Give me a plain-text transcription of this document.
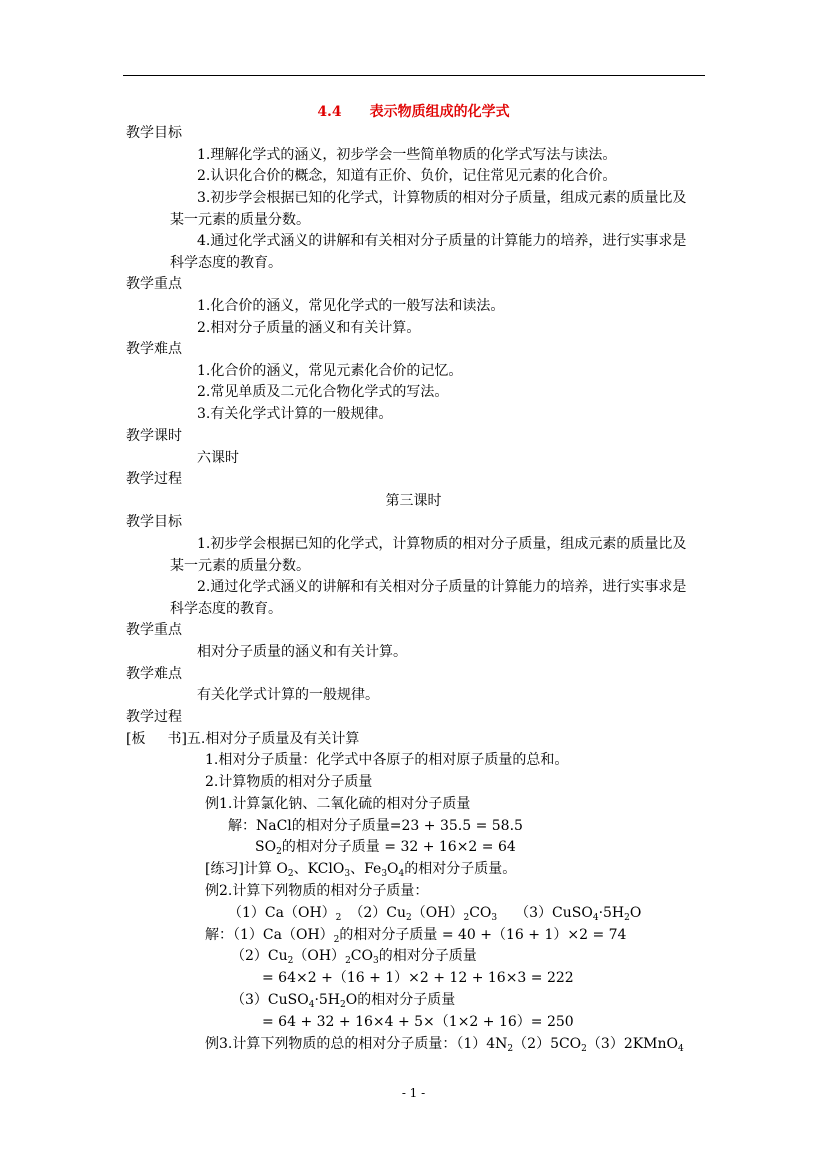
4.4 表示物质组成的化学式
教学目标
1.理解化学式的涵义，初步学会一些简单物质的化学式写法与读法。
2.认识化合价的概念，知道有正价、负价，记住常见元素的化合价。
3.初步学会根据已知的化学式，计算物质的相对分子质量，组成元素的质量比及
某一元素的质量分数。
4.通过化学式涵义的讲解和有关相对分子质量的计算能力的培养，进行实事求是
科学态度的教育。
教学重点
1.化合价的涵义，常见化学式的一般写法和读法。
2.相对分子质量的涵义和有关计算。
教学难点
1.化合价的涵义，常见元素化合价的记忆。
2.常见单质及二元化合物化学式的写法。
3.有关化学式计算的一般规律。
教学课时
六课时
教学过程
第三课时
教学目标
1.初步学会根据已知的化学式，计算物质的相对分子质量，组成元素的质量比及
某一元素的质量分数。
2.通过化学式涵义的讲解和有关相对分子质量的计算能力的培养，进行实事求是
科学态度的教育。
教学重点
相对分子质量的涵义和有关计算。
教学难点
有关化学式计算的一般规律。
教学过程
[板 书]五.相对分子质量及有关计算
1.相对分子质量：化学式中各原子的相对原子质量的总和。
2.计算物质的相对分子质量
例1.计算氯化钠、二氧化硫的相对分子质量
解：NaCl的相对分子质量=23 + 35.5 = 58.5
$SO_2$的相对分子质量 = 32 + 16×2 = 64
[练习]计算 $O_2$、KClO$_3$、$Fe_3O_4$的相对分子质量。
例2.计算下列物质的相对分子质量：
$(1)Ca(OH)_2$ $(2)Cu_2(OH)_2CO_3$ $(3)CuSO_4\cdot 5H_2O$
解：$(1)Ca(OH)_2$的相对分子质量 = 40 +（16 + 1）×2 = 74
$(2)Cu_2(OH)_2CO_3$的相对分子质量
= 64×2 +（16 + 1）×2 + 12 + 16×3 = 222
$(3)CuSO_4\cdot 5H_2O$的相对分子质量
= 64 + 32 + 16×4 + 5×（1×2 + 16）= 250
例3.计算下列物质的总的相对分子质量：$(1)4N_2(2)5CO_2(3)2KMnO_4$
- 1 -
